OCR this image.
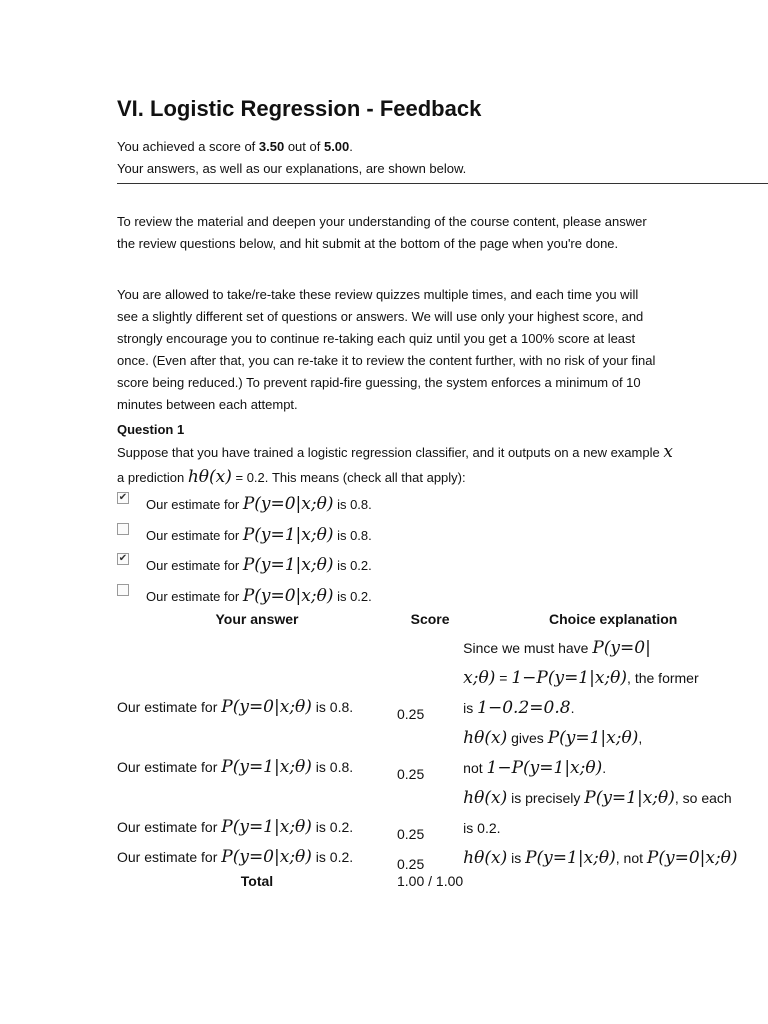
VI. Logistic Regression - Feedback
You achieved a score of 3.50 out of 5.00.
Your answers, as well as our explanations, are shown below.
To review the material and deepen your understanding of the course content, please answer the review questions below, and hit submit at the bottom of the page when you're done.
You are allowed to take/re-take these review quizzes multiple times, and each time you will see a slightly different set of questions or answers. We will use only your highest score, and strongly encourage you to continue re-taking each quiz until you get a 100% score at least once. (Even after that, you can re-take it to review the content further, with no risk of your final score being reduced.) To prevent rapid-fire guessing, the system enforces a minimum of 10 minutes between each attempt.
Question 1
Suppose that you have trained a logistic regression classifier, and it outputs on a new example x a prediction hθ(x) = 0.2. This means (check all that apply):
✔ Our estimate for P(y=0|x;θ) is 0.8.
Our estimate for P(y=1|x;θ) is 0.8.
✔ Our estimate for P(y=1|x;θ) is 0.2.
Our estimate for P(y=0|x;θ) is 0.2.
Your answer	Score	Choice explanation
Our estimate for P(y=0|x;θ) is 0.8.	0.25	Since we must have P(y=0|
x;θ) = 1−P(y=1|x;θ), the former
is 1−0.2=0.8.
Our estimate for P(y=1|x;θ) is 0.8.	0.25	hθ(x) gives P(y=1|x;θ),
not 1−P(y=1|x;θ).
Our estimate for P(y=1|x;θ) is 0.2.	0.25	hθ(x) is precisely P(y=1|x;θ), so each
is 0.2.
Our estimate for P(y=0|x;θ) is 0.2.	0.25	hθ(x) is P(y=1|x;θ), not P(y=0|x;θ)
Total	1.00 / 1.00	
